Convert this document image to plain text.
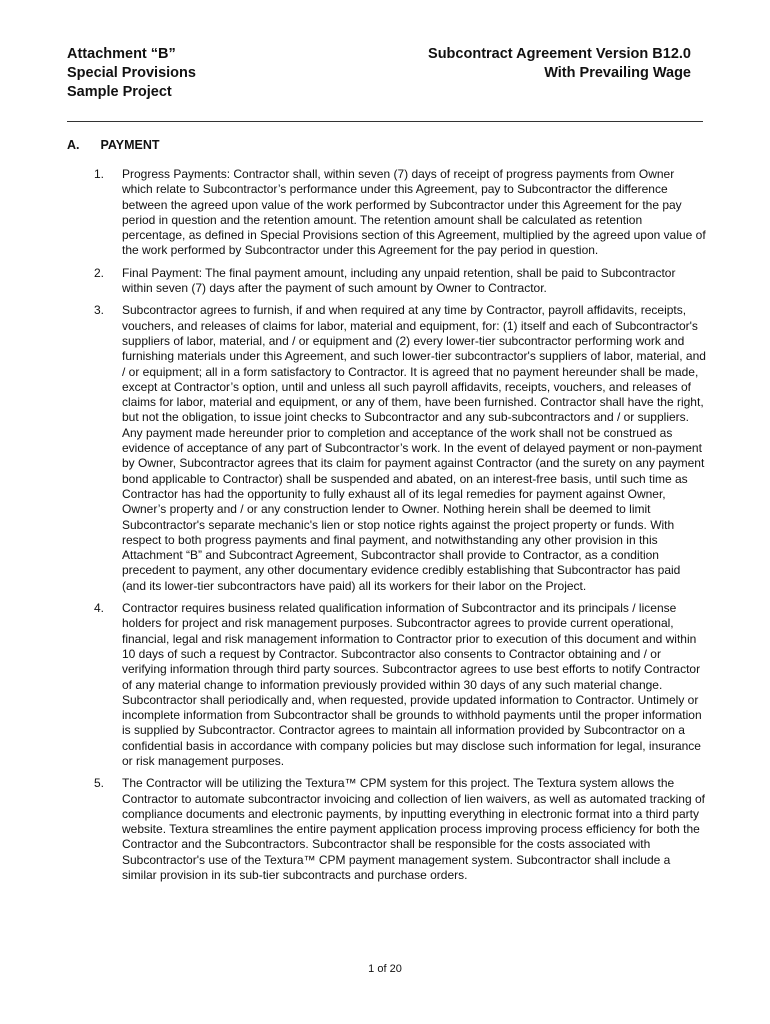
Attachment “B”
Special Provisions
Sample Project
Subcontract Agreement Version B12.0
With Prevailing Wage
A. PAYMENT
1.	Progress Payments: Contractor shall, within seven (7) days of receipt of progress payments from Owner which relate to Subcontractor’s performance under this Agreement, pay to Subcontractor the difference between the agreed upon value of the work performed by Subcontractor under this Agreement for the pay period in question and the retention amount. The retention amount shall be calculated as retention percentage, as defined in Special Provisions section of this Agreement, multiplied by the agreed upon value of the work performed by Subcontractor under this Agreement for the pay period in question.
2.	Final Payment: The final payment amount, including any unpaid retention, shall be paid to Subcontractor within seven (7) days after the payment of such amount by Owner to Contractor.
3.	Subcontractor agrees to furnish, if and when required at any time by Contractor, payroll affidavits, receipts, vouchers, and releases of claims for labor, material and equipment, for: (1) itself and each of Subcontractor's suppliers of labor, material, and / or equipment and (2) every lower-tier subcontractor performing work and furnishing materials under this Agreement, and such lower-tier subcontractor's suppliers of labor, material, and / or equipment; all in a form satisfactory to Contractor. It is agreed that no payment hereunder shall be made, except at Contractor’s option, until and unless all such payroll affidavits, receipts, vouchers, and releases of claims for labor, material and equipment, or any of them, have been furnished. Contractor shall have the right, but not the obligation, to issue joint checks to Subcontractor and any sub-subcontractors and / or suppliers. Any payment made hereunder prior to completion and acceptance of the work shall not be construed as evidence of acceptance of any part of Subcontractor’s work. In the event of delayed payment or non-payment by Owner, Subcontractor agrees that its claim for payment against Contractor (and the surety on any payment bond applicable to Contractor) shall be suspended and abated, on an interest-free basis, until such time as Contractor has had the opportunity to fully exhaust all of its legal remedies for payment against Owner, Owner’s property and / or any construction lender to Owner. Nothing herein shall be deemed to limit Subcontractor's separate mechanic's lien or stop notice rights against the project property or funds. With respect to both progress payments and final payment, and notwithstanding any other provision in this Attachment “B” and Subcontract Agreement, Subcontractor shall provide to Contractor, as a condition precedent to payment, any other documentary evidence credibly establishing that Subcontractor has paid (and its lower-tier subcontractors have paid) all its workers for their labor on the Project.
4.	Contractor requires business related qualification information of Subcontractor and its principals / license holders for project and risk management purposes. Subcontractor agrees to provide current operational, financial, legal and risk management information to Contractor prior to execution of this document and within 10 days of such a request by Contractor. Subcontractor also consents to Contractor obtaining and / or verifying information through third party sources. Subcontractor agrees to use best efforts to notify Contractor of any material change to information previously provided within 30 days of any such material change. Subcontractor shall periodically and, when requested, provide updated information to Contractor. Untimely or incomplete information from Subcontractor shall be grounds to withhold payments until the proper information is supplied by Subcontractor. Contractor agrees to maintain all information provided by Subcontractor on a confidential basis in accordance with company policies but may disclose such information for legal, insurance or risk management purposes.
5.	The Contractor will be utilizing the Textura™ CPM system for this project. The Textura system allows the Contractor to automate subcontractor invoicing and collection of lien waivers, as well as automated tracking of compliance documents and electronic payments, by inputting everything in electronic format into a third party website. Textura streamlines the entire payment application process improving process efficiency for both the Contractor and the Subcontractors. Subcontractor shall be responsible for the costs associated with Subcontractor's use of the Textura™ CPM payment management system. Subcontractor shall include a similar provision in its sub-tier subcontracts and purchase orders.
1 of 20
